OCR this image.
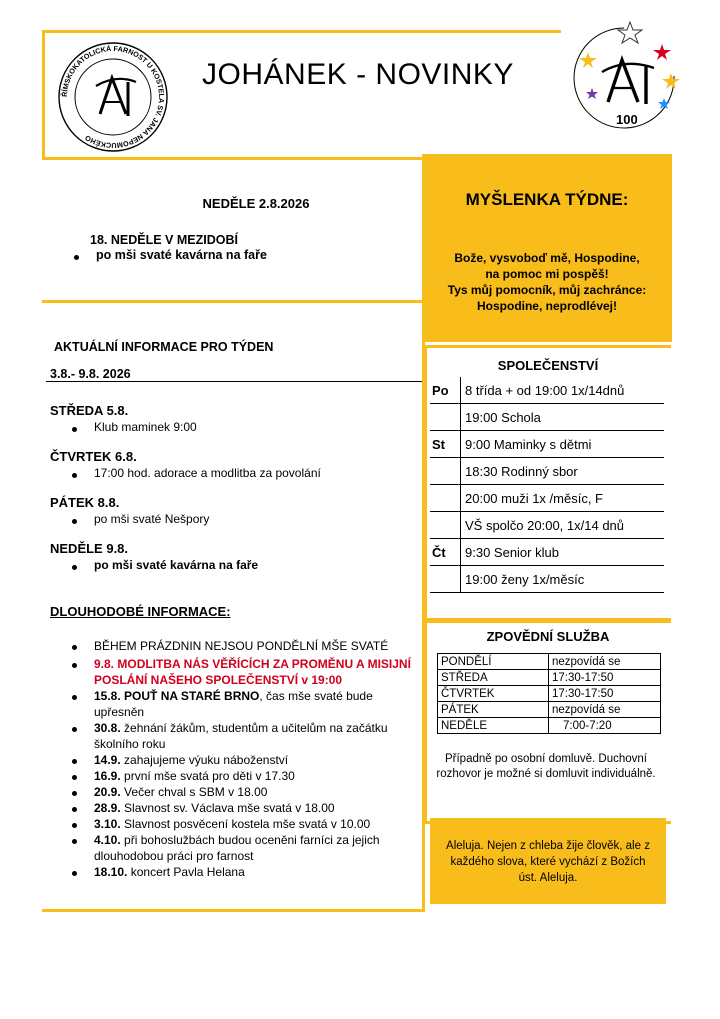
ŘÍMSKOKATOLICKÁ FARNOST U KOSTELA SV. JANA NEPOMUCKÉHO
JOHÁNEK - NOVINKY
100
NEDĚLE 2.8.2026
18. NEDĚLE V MEZIDOBÍ
po mši svaté kavárna na faře
MYŠLENKA TÝDNE:
Bože, vysvoboď mě, Hospodine,
na pomoc mi pospěš!
Tys můj pomocník, můj zachránce:
Hospodine, neprodlévej!
AKTUÁLNÍ INFORMACE PRO TÝDEN
3.8.- 9.8. 2026
STŘEDA 5.8.
Klub maminek 9:00
ČTVRTEK 6.8.
17:00 hod. adorace a modlitba za povolání
PÁTEK 8.8.
po mši svaté Nešpory
NEDĚLE 9.8.
po mši svaté kavárna na faře
DLOUHODOBÉ INFORMACE:
BĚHEM PRÁZDNIN NEJSOU PONDĚLNÍ MŠE SVATÉ
9.8. MODLITBA NÁS VĚŘÍCÍCH ZA PROMĚNU A MISIJNÍ POSLÁNÍ NAŠEHO SPOLEČENSTVÍ v 19:00
15.8. POUŤ NA STARÉ BRNO, čas mše svaté bude upřesněn
30.8. žehnání žákům, studentům a učitelům na začátku školního roku
14.9. zahajujeme výuku náboženství
16.9. první mše svatá pro děti v 17.30
20.9. Večer chval s SBM v 18.00
28.9. Slavnost sv. Václava mše svatá v 18.00
3.10. Slavnost posvěcení kostela mše svatá v 10.00
4.10. při bohoslužbách budou oceněni farníci za jejich dlouhodobou práci pro farnost
18.10. koncert Pavla Helana
SPOLEČENSTVÍ
Po	8 třída + od 19:00 1x/14dnů
	19:00 Schola
St	9:00 Maminky s dětmi
	18:30 Rodinný sbor
	20:00 muži 1x /měsíc, F
	VŠ spolčo 20:00, 1x/14 dnů
Čt	9:30 Senior klub
	19:00 ženy 1x/měsíc
ZPOVĚDNÍ SLUŽBA
PONDĚLÍ	nezpovídá se
STŘEDA	17:30-17:50
ČTVRTEK	17:30-17:50
PÁTEK	nezpovídá se
NEDĚLE	7:00-7:20
Případně po osobní domluvě. Duchovní rozhovor je možné si domluvit individuálně.
Aleluja. Nejen z chleba žije člověk, ale z každého slova, které vychází z Božích úst. Aleluja.
